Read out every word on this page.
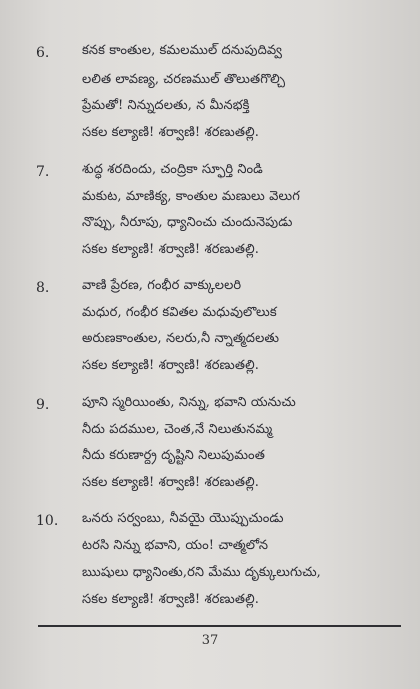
6.	కనక కాంతుల, కమలముల్ దనుపుదివ్వ
లలిత లావణ్య, చరణముల్ తొలుతగొల్చి
ప్రేమతో! నిన్నుదలతు, న మీనభక్తి
సకల కల్యాణి! శర్వాణి! శరణుతల్లి.
7.	శుద్ధ శరదిందు, చంద్రికా స్ఫూర్తి నిండి
మకుట, మాణిక్య, కాంతుల మణులు వెలుగ
నొప్పు, నీరూపు, ధ్యానించు చుందునెపుడు
సకల కల్యాణి! శర్వాణి! శరణుతల్లి.
8.	వాణి ప్రేరణ, గంభీర వాక్కులలరి
మధుర, గంభీర కవితల మధువులొలుక
అరుణకాంతుల, నలరు,నీ న్నాత్మదలతు
సకల కల్యాణి! శర్వాణి! శరణుతల్లి.
9.	పూని స్మరియింతు, నిన్ను, భవాని యనుచు
నీదు పదముల, చెంత,నే నిలుతునమ్మ
నీదు కరుణార్ద్ర దృష్టిని నిలుపుమంత
సకల కల్యాణి! శర్వాణి! శరణుతల్లి.
10. ఒనరు సర్వంబు, నీవయై యొప్పుచుండు
టరసి నిన్ను భవాని, యం! చాత్మలోన
ఋషులు ధ్యానింతు,రని మేము దృక్కులుగుచు,
సకల కల్యాణి! శర్వాణి! శరణుతల్లి.
37
